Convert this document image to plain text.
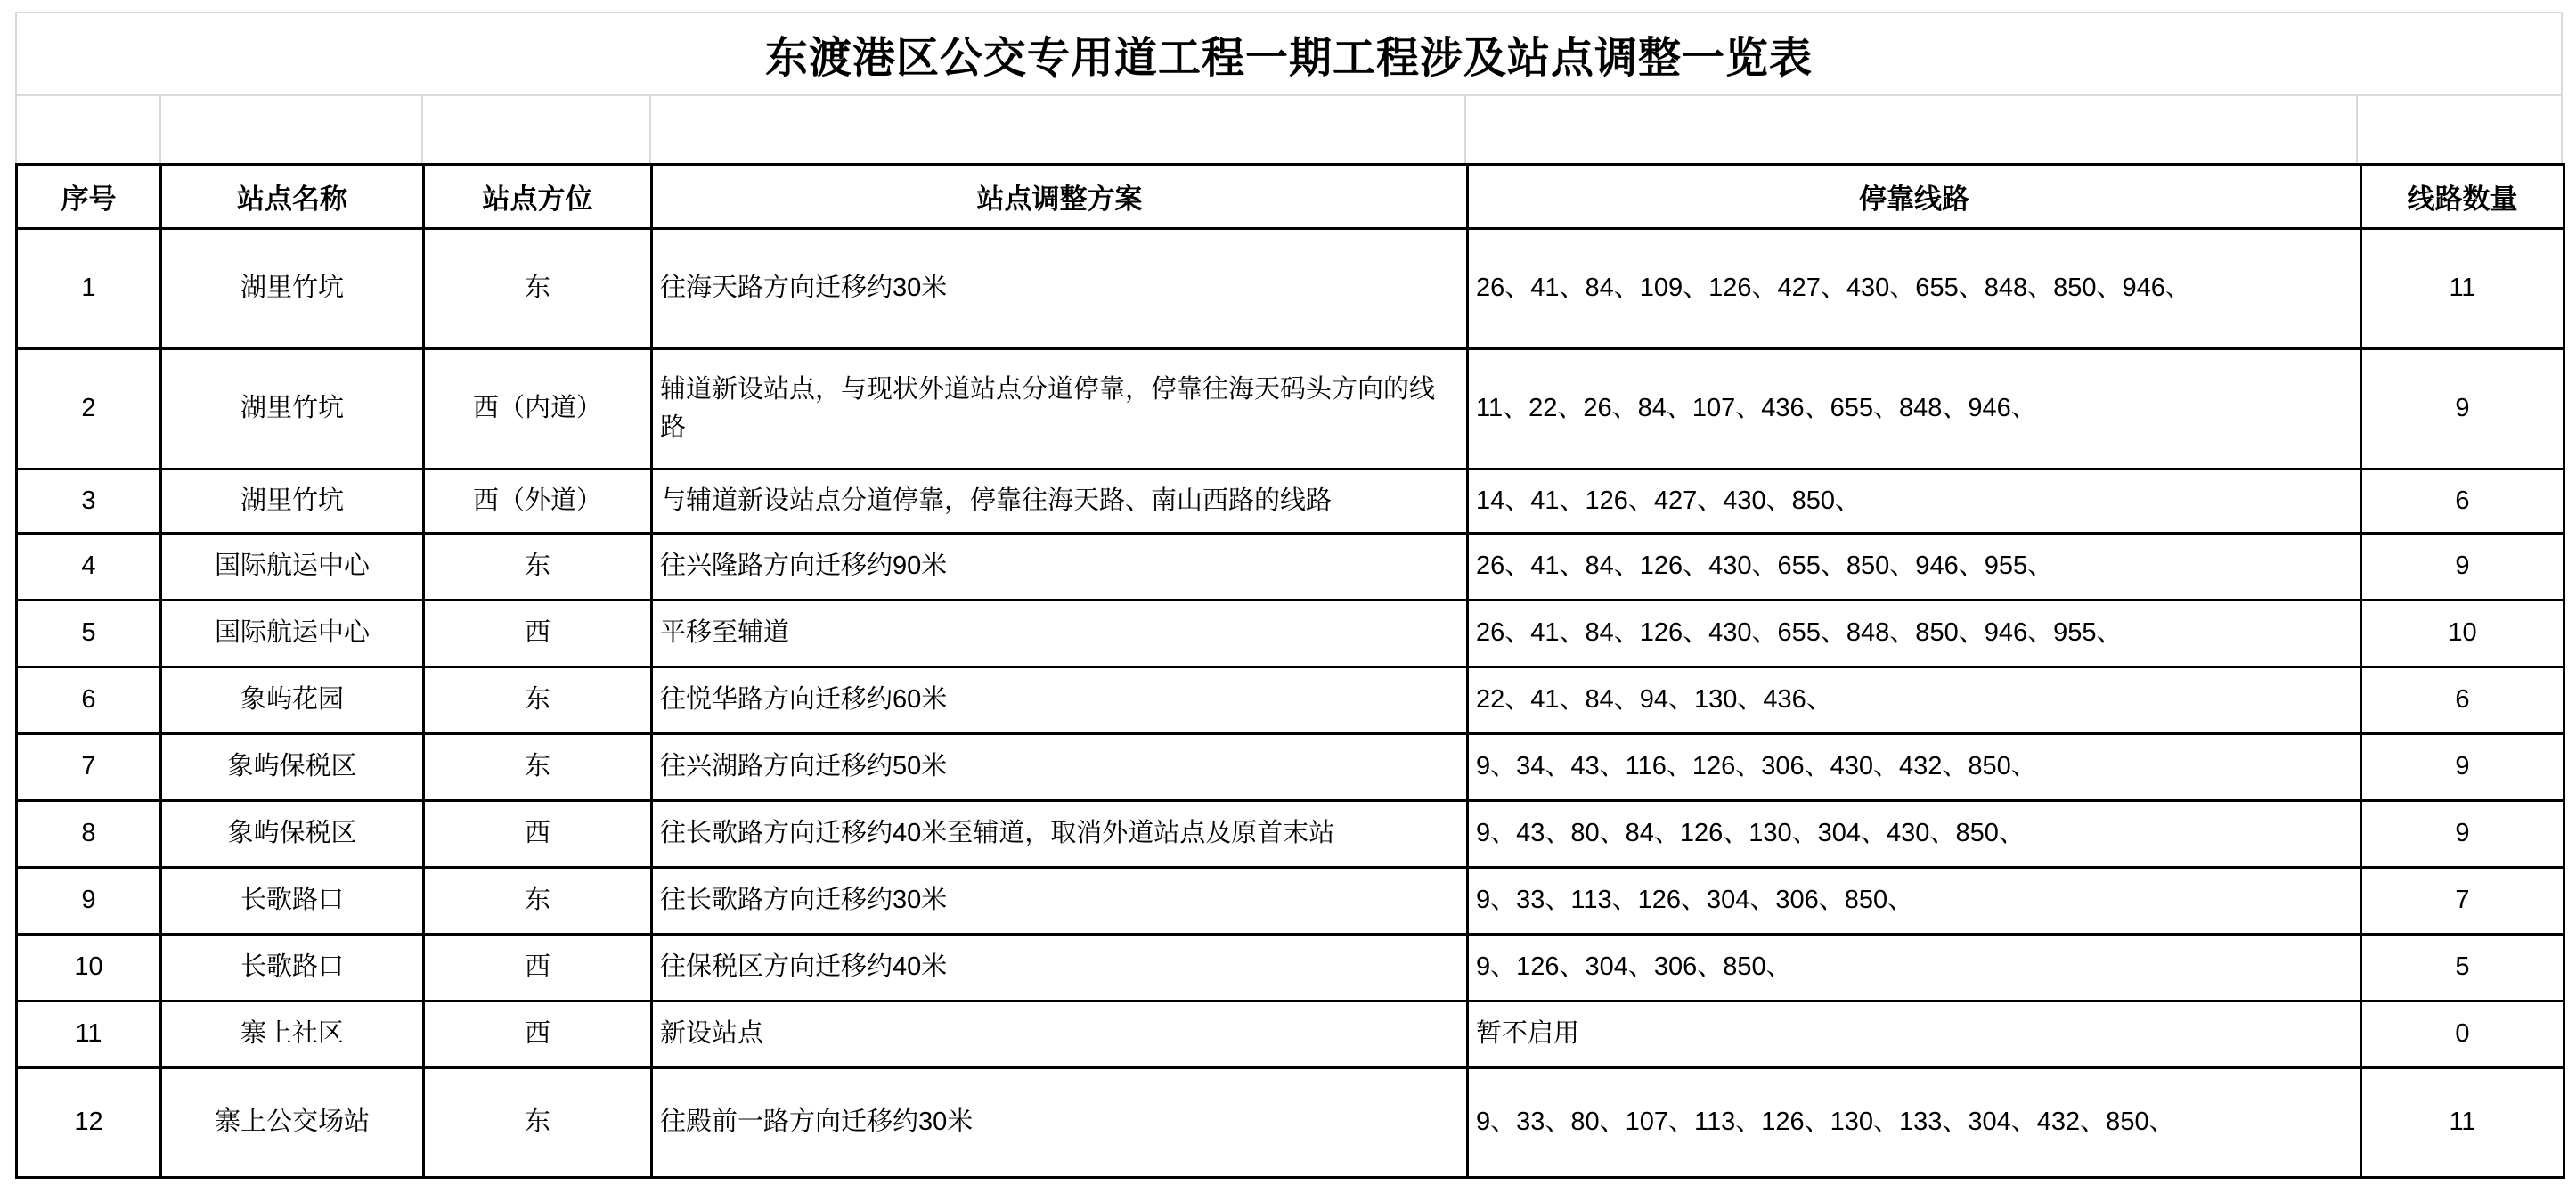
东渡港区公交专用道工程一期工程涉及站点调整一览表
序号	站点名称	站点方位	站点调整方案	停靠线路	线路数量
1	湖里竹坑	东	往海天路方向迁移约30米	26、41、84、109、126、427、430、655、848、850、946、	11
2	湖里竹坑	西（内道）	辅道新设站点，与现状外道站点分道停靠，停靠往海天码头方向的线路	11、22、26、84、107、436、655、848、946、	9
3	湖里竹坑	西（外道）	与辅道新设站点分道停靠，停靠往海天路、南山西路的线路	14、41、126、427、430、850、	6
4	国际航运中心	东	往兴隆路方向迁移约90米	26、41、84、126、430、655、850、946、955、	9
5	国际航运中心	西	平移至辅道	26、41、84、126、430、655、848、850、946、955、	10
6	象屿花园	东	往悦华路方向迁移约60米	22、41、84、94、130、436、	6
7	象屿保税区	东	往兴湖路方向迁移约50米	9、34、43、116、126、306、430、432、850、	9
8	象屿保税区	西	往长歌路方向迁移约40米至辅道，取消外道站点及原首末站	9、43、80、84、126、130、304、430、850、	9
9	长歌路口	东	往长歌路方向迁移约30米	9、33、113、126、304、306、850、	7
10	长歌路口	西	往保税区方向迁移约40米	9、126、304、306、850、	5
11	寨上社区	西	新设站点	暂不启用	0
12	寨上公交场站	东	往殿前一路方向迁移约30米	9、33、80、107、113、126、130、133、304、432、850、	11
